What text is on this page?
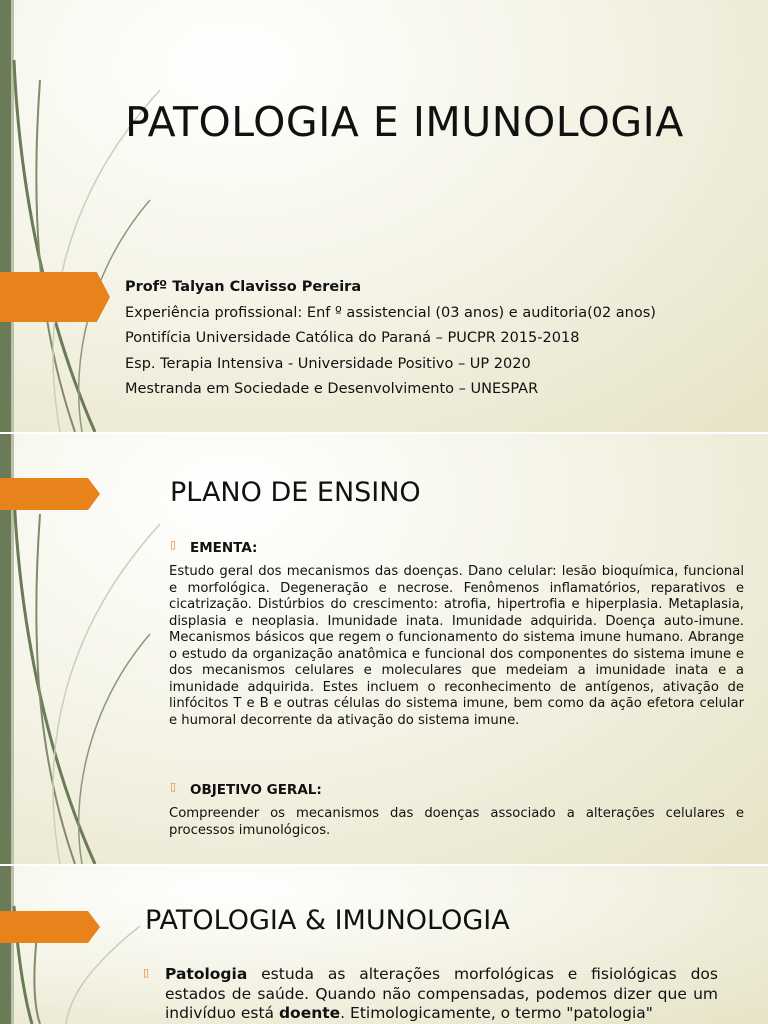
PATOLOGIA E IMUNOLOGIA
Profº Talyan Clavisso Pereira
Experiência profissional: Enf º assistencial (03 anos) e auditoria(02 anos)
Pontifícia Universidade Católica do Paraná – PUCPR 2015-2018
Esp. Terapia Intensiva - Universidade Positivo – UP 2020
Mestranda em Sociedade e Desenvolvimento – UNESPAR
PLANO DE ENSINO
▯ EMENTA:

Estudo geral dos mecanismos das doenças. Dano celular: lesão bioquímica, funcional e morfológica. Degeneração e necrose. Fenômenos inflamatórios, reparativos e cicatrização. Distúrbios do crescimento: atrofia, hipertrofia e hiperplasia. Metaplasia, displasia e neoplasia. Imunidade inata. Imunidade adquirida. Doença auto-imune. Mecanismos básicos que regem o funcionamento do sistema imune humano. Abrange o estudo da organização anatômica e funcional dos componentes do sistema imune e dos mecanismos celulares e moleculares que medeiam a imunidade inata e a imunidade adquirida. Estes incluem o reconhecimento de antígenos, ativação de linfócitos T e B e outras células do sistema imune, bem como da ação efetora celular e humoral decorrente da ativação do sistema imune.

▯ OBJETIVO GERAL:

Compreender os mecanismos das doenças associado a alterações celulares e processos imunológicos.

PATOLOGIA & IMUNOLOGIA
▯ Patologia estuda as alterações morfológicas e fisiológicas dos estados de saúde. Quando não compensadas, podemos dizer que um indivíduo está doente. Etimologicamente, o termo "patologia"
